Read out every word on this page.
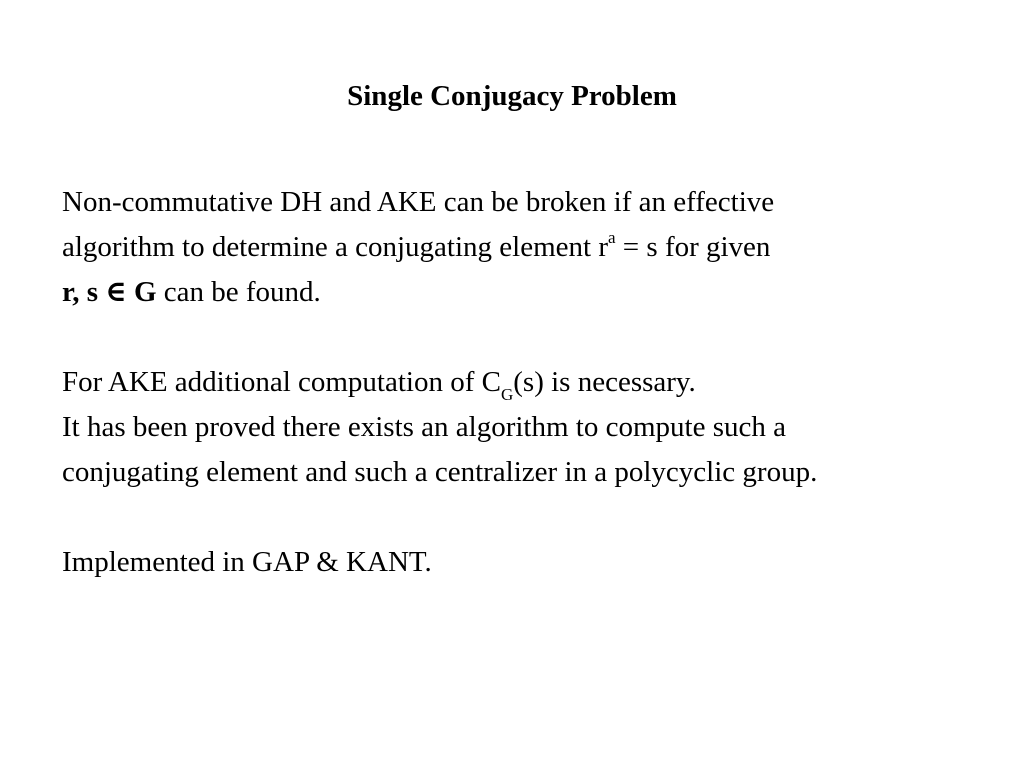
Single Conjugacy Problem
Non-commutative DH and AKE can be broken if an effective
algorithm to determine a conjugating element $r^a = s$ for given
r, s ∈ G can be found.
For AKE additional computation of $C_G(s)$ is necessary.
It has been proved there exists an algorithm to compute such a
conjugating element and such a centralizer in a polycyclic group.
Implemented in GAP & KANT.
